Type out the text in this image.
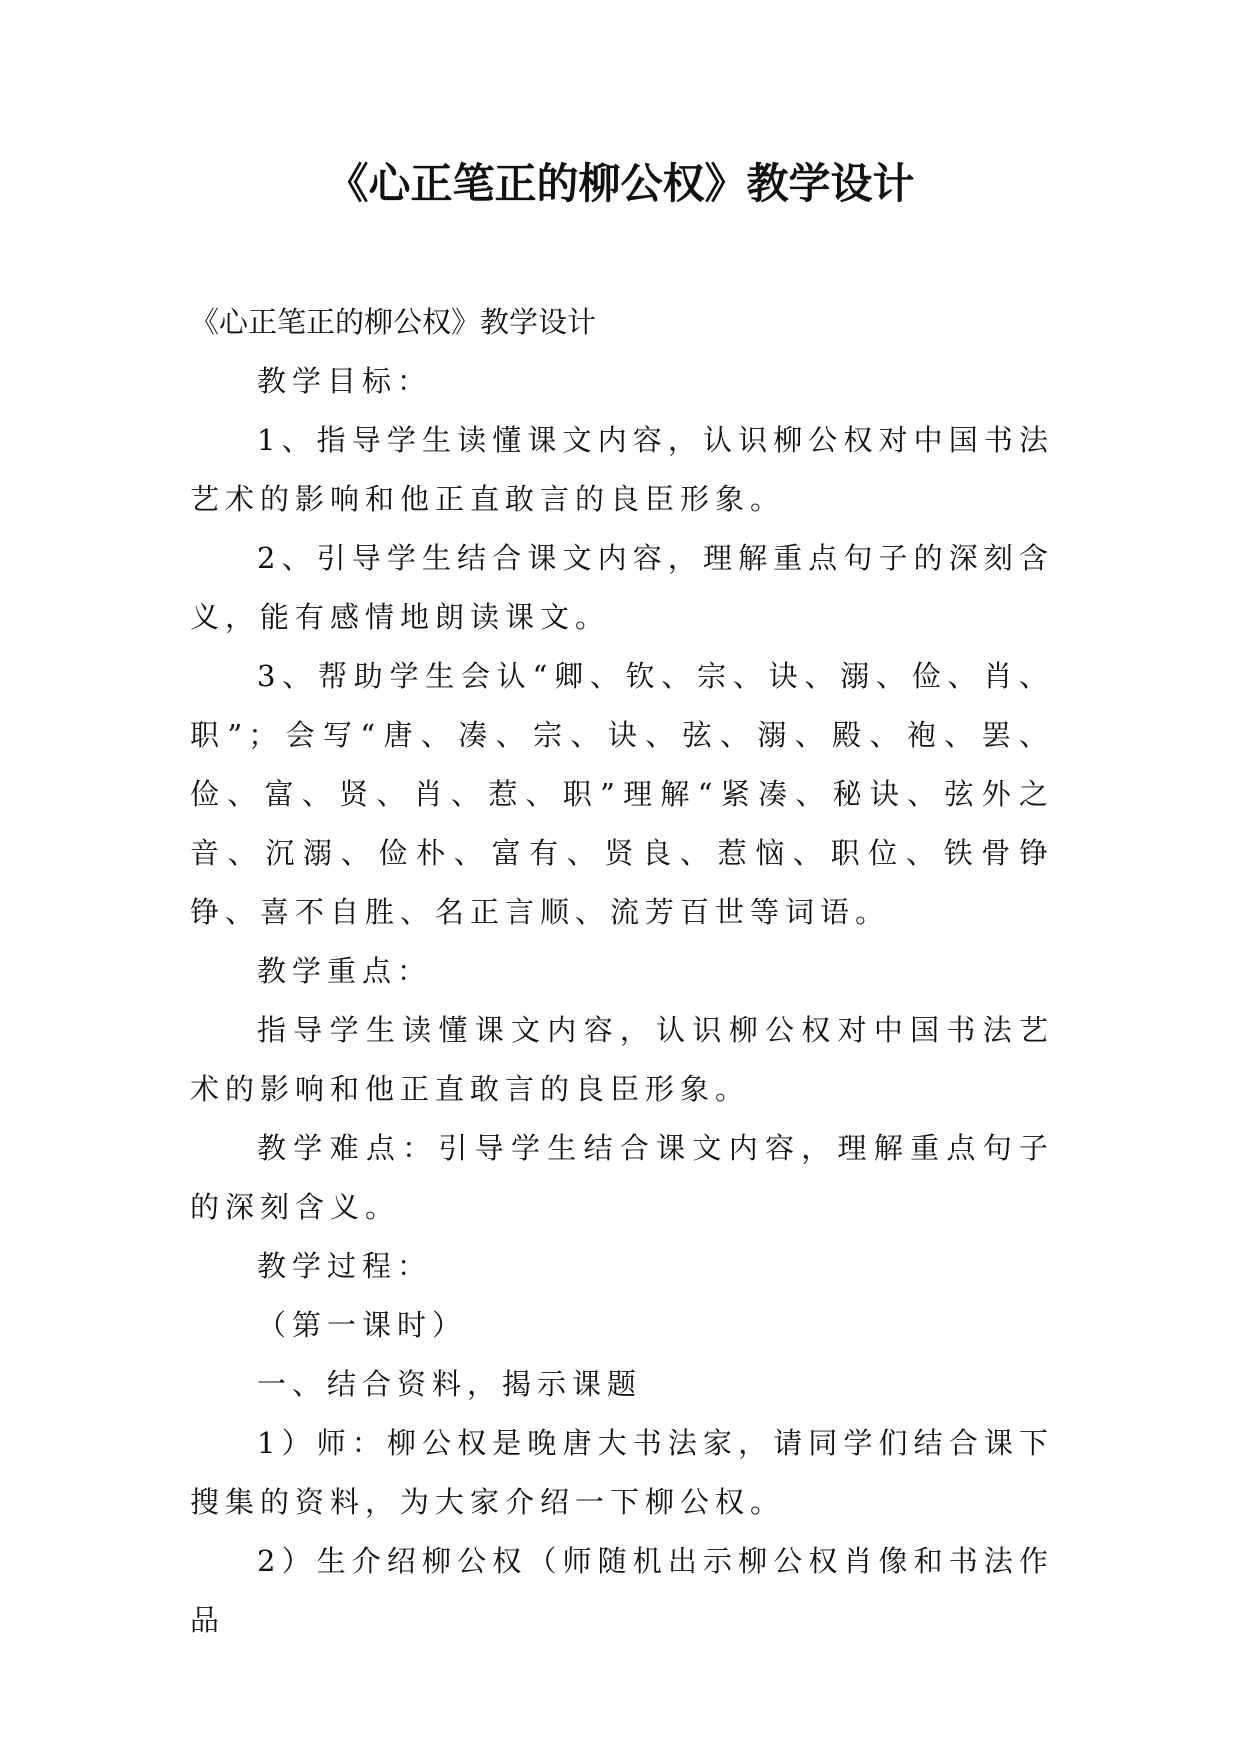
《心正笔正的柳公权》教学设计

《心正笔正的柳公权》教学设计

教学目标：

1、指导学生读懂课文内容，认识柳公权对中国书法艺术的影响和他正直敢言的良臣形象。

2、引导学生结合课文内容，理解重点句子的深刻含义，能有感情地朗读课文。

3、帮助学生会认“卿、钦、宗、诀、溺、俭、肖、职”；会写“唐、凑、宗、诀、弦、溺、殿、袍、罢、俭、富、贤、肖、惹、职”理解“紧凑、秘诀、弦外之音、沉溺、俭朴、富有、贤良、惹恼、职位、铁骨铮铮、喜不自胜、名正言顺、流芳百世等词语。

教学重点：

指导学生读懂课文内容，认识柳公权对中国书法艺术的影响和他正直敢言的良臣形象。

教学难点：引导学生结合课文内容，理解重点句子的深刻含义。

教学过程：

（第一课时）

一、结合资料，揭示课题

1）师：柳公权是晚唐大书法家，请同学们结合课下搜集的资料，为大家介绍一下柳公权。

2）生介绍柳公权（师随机出示柳公权肖像和书法作品
